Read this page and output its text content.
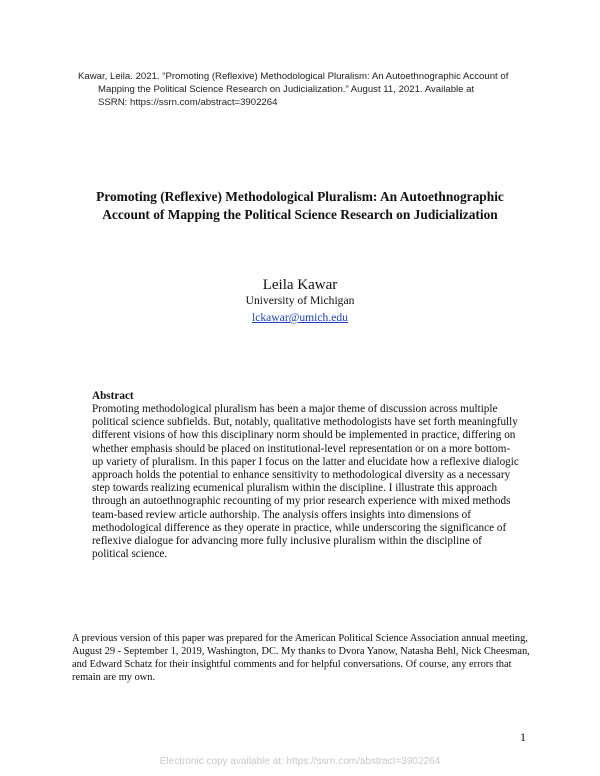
Kawar, Leila. 2021. “Promoting (Reflexive) Methodological Pluralism: An Autoethnographic Account of
Mapping the Political Science Research on Judicialization.” August 11, 2021. Available at
SSRN: https://ssrn.com/abstract=3902264
Promoting (Reflexive) Methodological Pluralism: An Autoethnographic
Account of Mapping the Political Science Research on Judicialization
Leila Kawar
University of Michigan
lckawar@umich.edu
Abstract
Promoting methodological pluralism has been a major theme of discussion across multiple political science subfields. But, notably, qualitative methodologists have set forth meaningfully different visions of how this disciplinary norm should be implemented in practice, differing on whether emphasis should be placed on institutional-level representation or on a more bottom-up variety of pluralism. In this paper I focus on the latter and elucidate how a reflexive dialogic approach holds the potential to enhance sensitivity to methodological diversity as a necessary step towards realizing ecumenical pluralism within the discipline. I illustrate this approach through an autoethnographic recounting of my prior research experience with mixed methods team-based review article authorship. The analysis offers insights into dimensions of methodological difference as they operate in practice, while underscoring the significance of reflexive dialogue for advancing more fully inclusive pluralism within the discipline of political science.
A previous version of this paper was prepared for the American Political Science Association annual meeting, August 29 - September 1, 2019, Washington, DC. My thanks to Dvora Yanow, Natasha Behl, Nick Cheesman, and Edward Schatz for their insightful comments and for helpful conversations. Of course, any errors that remain are my own.
1
Electronic copy available at: https://ssrn.com/abstract=3902264
